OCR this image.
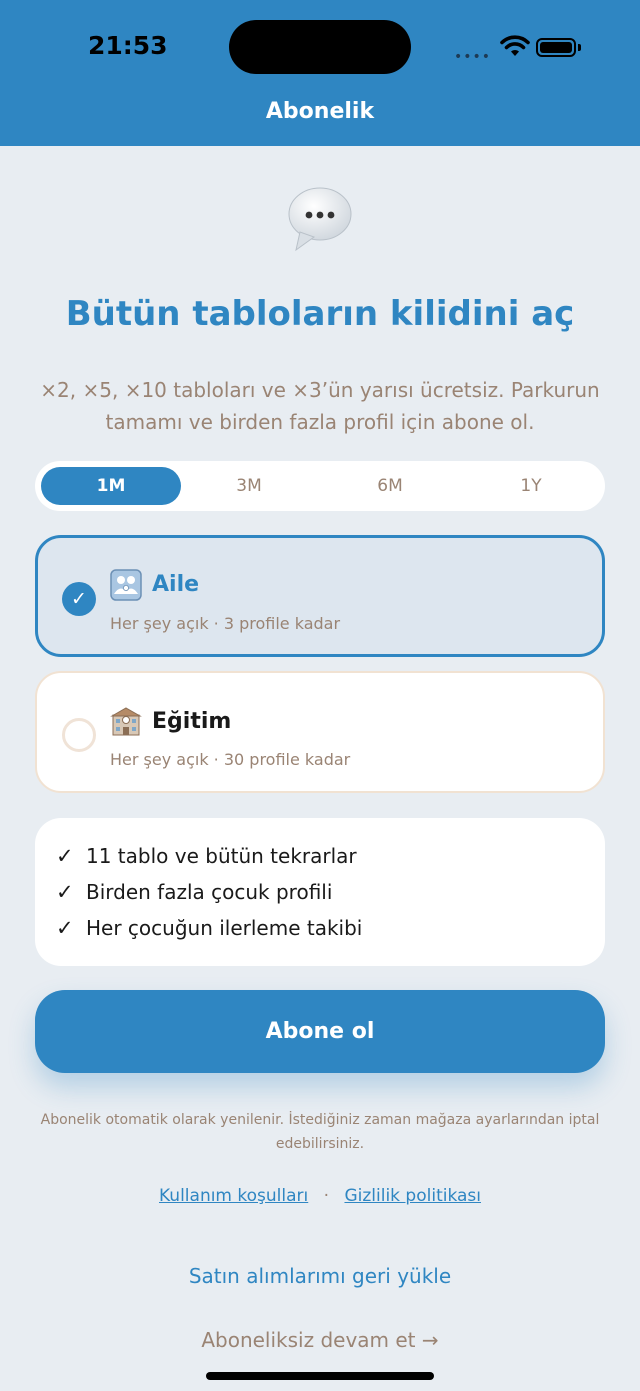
21:53	••••
Abonelik
Bütün tabloların kilidini aç
×2, ×5, ×10 tabloları ve ×3’ün yarısı ücretsiz. Parkurun tamamı ve birden fazla profil için abone ol.
1M	3M	6M	1Y
✓
Aile
Her şey açık · 3 profile kadar
Eğitim
Her şey açık · 30 profile kadar
✓ 11 tablo ve bütün tekrarlar
✓ Birden fazla çocuk profili
✓ Her çocuğun ilerleme takibi
Abone ol
Abonelik otomatik olarak yenilenir. İstediğiniz zaman mağaza ayarlarından iptal edebilirsiniz.
Kullanım koşulları · Gizlilik politikası
Satın alımlarımı geri yükle
Aboneliksiz devam et →
